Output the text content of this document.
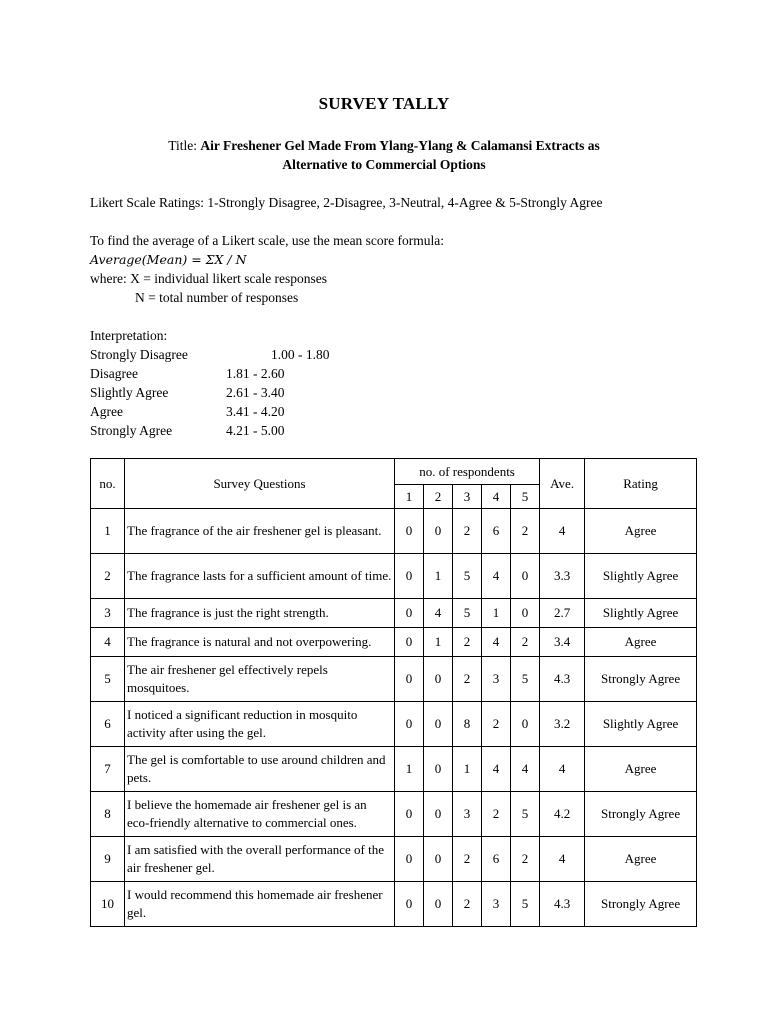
SURVEY TALLY
Title: Air Freshener Gel Made From Ylang-Ylang & Calamansi Extracts as
Alternative to Commercial Options
Likert Scale Ratings: 1-Strongly Disagree, 2-Disagree, 3-Neutral, 4-Agree & 5-Strongly Agree
To find the average of a Likert scale, use the mean score formula:
Average(Mean) = ΣX / N
where: X = individual likert scale responses
N = total number of responses
Interpretation:
Strongly Disagree	1.00 - 1.80
Disagree	1.81 - 2.60
Slightly Agree	2.61 - 3.40
Agree	3.41 - 4.20
Strongly Agree	4.21 - 5.00
no.	Survey Questions	no. of respondents					Ave.	Rating
		1	2	3	4	5		
1	The fragrance of the air freshener gel is pleasant.	0	0	2	6	2	4	Agree
2	The fragrance lasts for a sufficient amount of time.	0	1	5	4	0	3.3	Slightly Agree
3	The fragrance is just the right strength.	0	4	5	1	0	2.7	Slightly Agree
4	The fragrance is natural and not overpowering.	0	1	2	4	2	3.4	Agree
5	The air freshener gel effectively repels mosquitoes.	0	0	2	3	5	4.3	Strongly Agree
6	I noticed a significant reduction in mosquito activity after using the gel.	0	0	8	2	0	3.2	Slightly Agree
7	The gel is comfortable to use around children and pets.	1	0	1	4	4	4	Agree
8	I believe the homemade air freshener gel is an eco-friendly alternative to commercial ones.	0	0	3	2	5	4.2	Strongly Agree
9	I am satisfied with the overall performance of the air freshener gel.	0	0	2	6	2	4	Agree
10	I would recommend this homemade air freshener gel.	0	0	2	3	5	4.3	Strongly Agree
